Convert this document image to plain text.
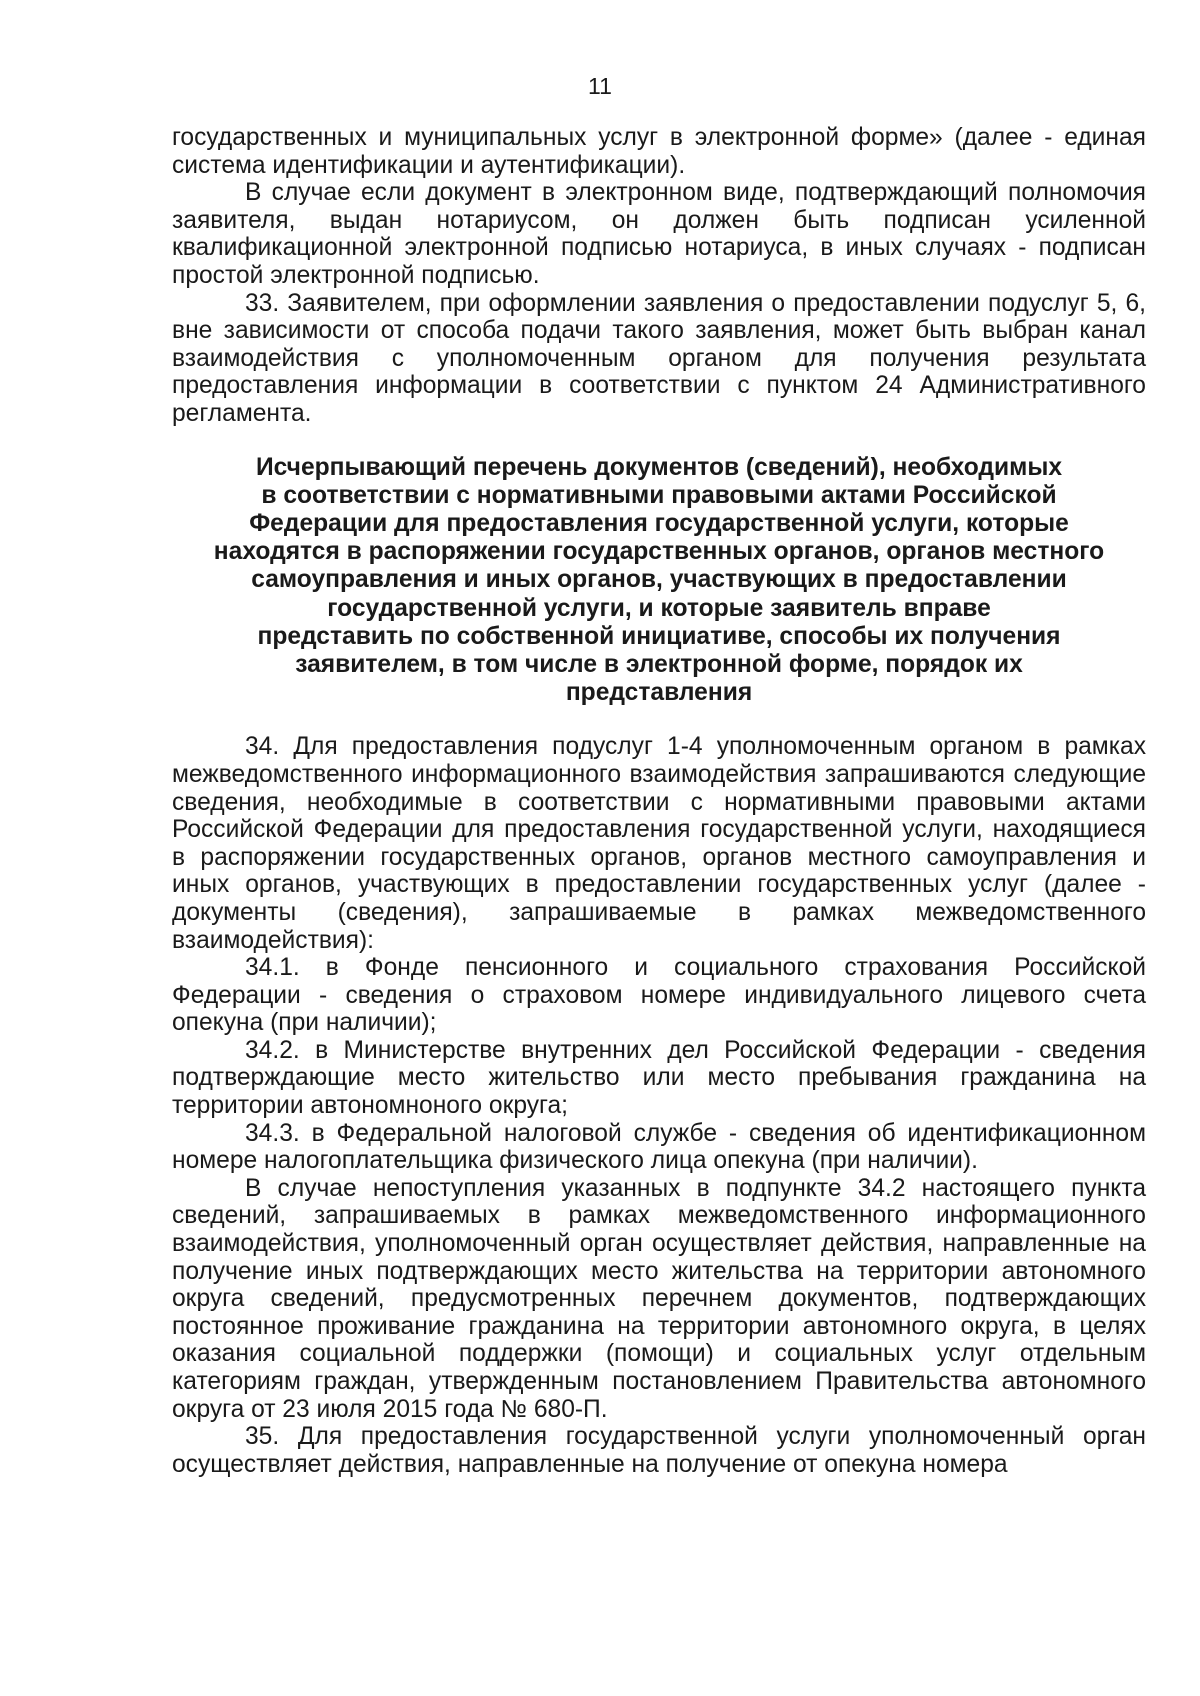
11

государственных и муниципальных услуг в электронной форме» (далее - единая система идентификации и аутентификации).

В случае если документ в электронном виде, подтверждающий полномочия заявителя, выдан нотариусом, он должен быть подписан усиленной квалификационной электронной подписью нотариуса, в иных случаях - подписан простой электронной подписью.

33. Заявителем, при оформлении заявления о предоставлении подуслуг 5, 6, вне зависимости от способа подачи такого заявления, может быть выбран канал взаимодействия с уполномоченным органом для получения результата предоставления информации в соответствии с пунктом 24 Административного регламента.

Исчерпывающий перечень документов (сведений), необходимых
в соответствии с нормативными правовыми актами Российской
Федерации для предоставления государственной услуги, которые
находятся в распоряжении государственных органов, органов местного
самоуправления и иных органов, участвующих в предоставлении
государственной услуги, и которые заявитель вправе
представить по собственной инициативе, способы их получения
заявителем, в том числе в электронной форме, порядок их
представления

34. Для предоставления подуслуг 1-4 уполномоченным органом в рамках межведомственного информационного взаимодействия запрашиваются следующие сведения, необходимые в соответствии с нормативными правовыми актами Российской Федерации для предоставления государственной услуги, находящиеся в распоряжении государственных органов, органов местного самоуправления и иных органов, участвующих в предоставлении государственных услуг (далее - документы (сведения), запрашиваемые в рамках межведомственного взаимодействия):

34.1. в Фонде пенсионного и социального страхования Российской Федерации - сведения о страховом номере индивидуального лицевого счета опекуна (при наличии);

34.2. в Министерстве внутренних дел Российской Федерации - сведения подтверждающие место жительство или место пребывания гражданина на территории автономноного округа;

34.3. в Федеральной налоговой службе - сведения об идентификационном номере налогоплательщика физического лица опекуна (при наличии).

В случае непоступления указанных в подпункте 34.2 настоящего пункта сведений, запрашиваемых в рамках межведомственного информационного взаимодействия, уполномоченный орган осуществляет действия, направленные на получение иных подтверждающих место жительства на территории автономного округа сведений, предусмотренных перечнем документов, подтверждающих постоянное проживание гражданина на территории автономного округа, в целях оказания социальной поддержки (помощи) и социальных услуг отдельным категориям граждан, утвержденным постановлением Правительства автономного округа от 23 июля 2015 года № 680-П.

35. Для предоставления государственной услуги уполномоченный орган осуществляет действия, направленные на получение от опекуна номера
